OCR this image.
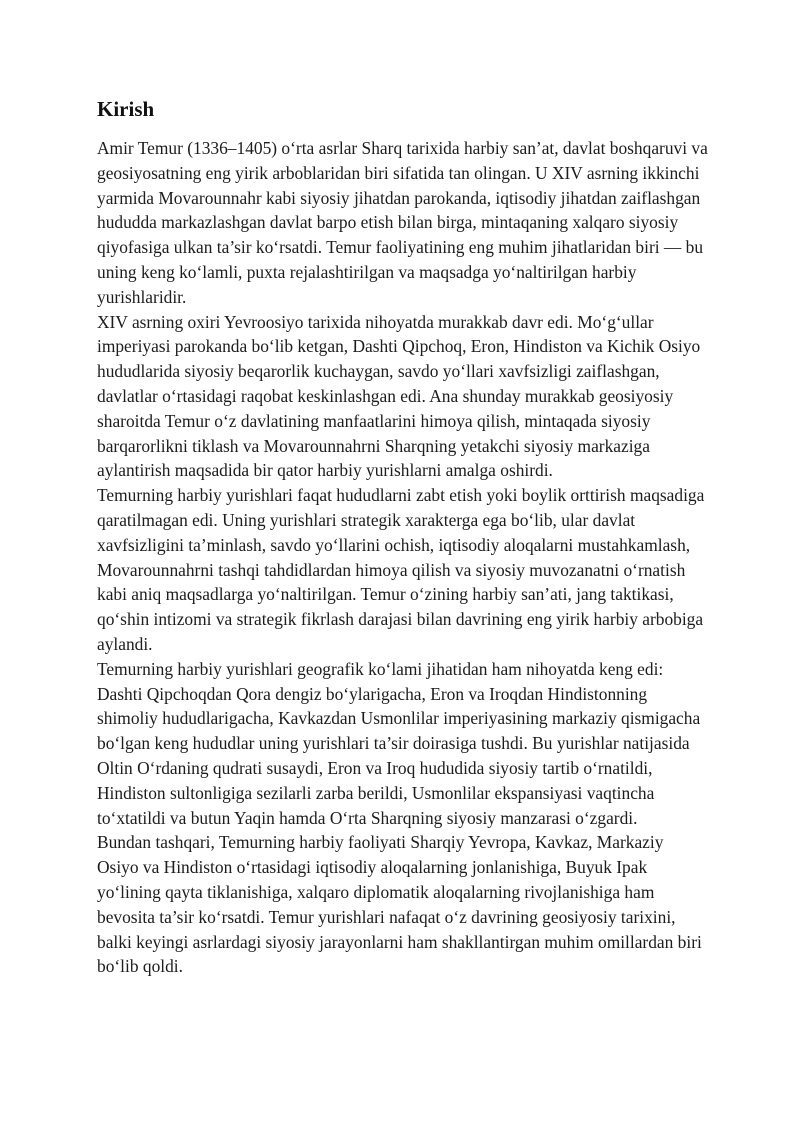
Kirish

Amir Temur (1336–1405) o‘rta asrlar Sharq tarixida harbiy san’at, davlat boshqaruvi va geosiyosatning eng yirik arboblaridan biri sifatida tan olingan. U XIV asrning ikkinchi yarmida Movarounnahr kabi siyosiy jihatdan parokanda, iqtisodiy jihatdan zaiflashgan hududda markazlashgan davlat barpo etish bilan birga, mintaqaning xalqaro siyosiy qiyofasiga ulkan ta’sir ko‘rsatdi. Temur faoliyatining eng muhim jihatlaridan biri — bu uning keng ko‘lamli, puxta rejalashtirilgan va maqsadga yo‘naltirilgan harbiy yurishlaridir.

XIV asrning oxiri Yevroosiyo tarixida nihoyatda murakkab davr edi. Mo‘g‘ullar imperiyasi parokanda bo‘lib ketgan, Dashti Qipchoq, Eron, Hindiston va Kichik Osiyo hududlarida siyosiy beqarorlik kuchaygan, savdo yo‘llari xavfsizligi zaiflashgan, davlatlar o‘rtasidagi raqobat keskinlashgan edi. Ana shunday murakkab geosiyosiy sharoitda Temur o‘z davlatining manfaatlarini himoya qilish, mintaqada siyosiy barqarorlikni tiklash va Movarounnahrni Sharqning yetakchi siyosiy markaziga aylantirish maqsadida bir qator harbiy yurishlarni amalga oshirdi.

Temurning harbiy yurishlari faqat hududlarni zabt etish yoki boylik orttirish maqsadiga qaratilmagan edi. Uning yurishlari strategik xarakterga ega bo‘lib, ular davlat xavfsizligini ta’minlash, savdo yo‘llarini ochish, iqtisodiy aloqalarni mustahkamlash, Movarounnahrni tashqi tahdidlardan himoya qilish va siyosiy muvozanatni o‘rnatish kabi aniq maqsadlarga yo‘naltirilgan. Temur o‘zining harbiy san’ati, jang taktikasi, qo‘shin intizomi va strategik fikrlash darajasi bilan davrining eng yirik harbiy arbobiga aylandi.

Temurning harbiy yurishlari geografik ko‘lami jihatidan ham nihoyatda keng edi: Dashti Qipchoqdan Qora dengiz bo‘ylarigacha, Eron va Iroqdan Hindistonning shimoliy hududlarigacha, Kavkazdan Usmonlilar imperiyasining markaziy qismigacha bo‘lgan keng hududlar uning yurishlari ta’sir doirasiga tushdi. Bu yurishlar natijasida Oltin O‘rdaning qudrati susaydi, Eron va Iroq hududida siyosiy tartib o‘rnatildi, Hindiston sultonligiga sezilarli zarba berildi, Usmonlilar ekspansiyasi vaqtincha to‘xtatildi va butun Yaqin hamda O‘rta Sharqning siyosiy manzarasi o‘zgardi.

Bundan tashqari, Temurning harbiy faoliyati Sharqiy Yevropa, Kavkaz, Markaziy Osiyo va Hindiston o‘rtasidagi iqtisodiy aloqalarning jonlanishiga, Buyuk Ipak yo‘lining qayta tiklanishiga, xalqaro diplomatik aloqalarning rivojlanishiga ham bevosita ta’sir ko‘rsatdi. Temur yurishlari nafaqat o‘z davrining geosiyosiy tarixini, balki keyingi asrlardagi siyosiy jarayonlarni ham shakllantirgan muhim omillardan biri bo‘lib qoldi.
